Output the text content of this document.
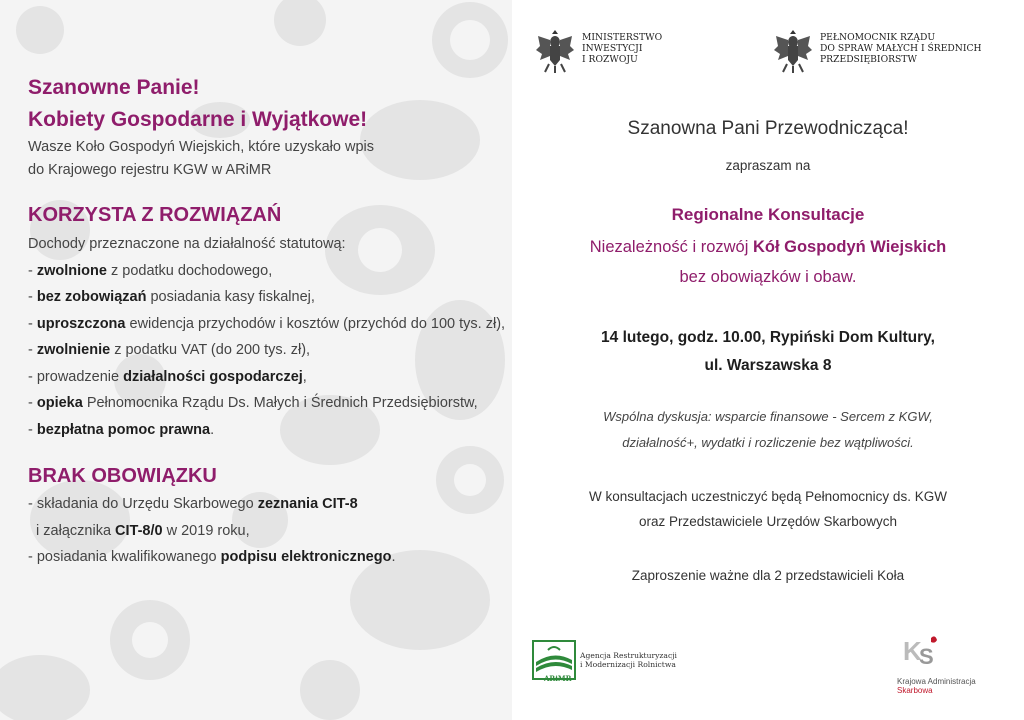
Szanowne Panie!
Kobiety Gospodarne i Wyjątkowe!
Wasze Koło Gospodyń Wiejskich, które uzyskało wpis
do Krajowego rejestru KGW w ARiMR
KORZYSTA Z ROZWIĄZAŃ
Dochody przeznaczone na działalność statutową:
- zwolnione z podatku dochodowego,
- bez zobowiązań posiadania kasy fiskalnej,
- uproszczona ewidencja przychodów i kosztów (przychód do 100 tys. zł),
- zwolnienie z podatku VAT (do 200 tys. zł),
- prowadzenie działalności gospodarczej,
- opieka Pełnomocnika Rządu Ds. Małych i Średnich Przedsiębiorstw,
- bezpłatna pomoc prawna.
BRAK OBOWIĄZKU
- składania do Urzędu Skarbowego zeznania CIT-8
i załącznika CIT-8/0 w 2019 roku,
- posiadania kwalifikowanego podpisu elektronicznego.
MINISTERSTWO
INWESTYCJI
I ROZWOJU
PEŁNOMOCNIK RZĄDU
DO SPRAW MAŁYCH I ŚREDNICH
PRZEDSIĘBIORSTW
Szanowna Pani Przewodnicząca!
zapraszam na
Regionalne Konsultacje
Niezależność i rozwój Kół Gospodyń Wiejskich
bez obowiązków i obaw.
14 lutego, godz. 10.00, Rypiński Dom Kultury,
ul. Warszawska 8
Wspólna dyskusja: wsparcie finansowe - Sercem z KGW,
działalność+, wydatki i rozliczenie bez wątpliwości.
W konsultacjach uczestniczyć będą Pełnomocnicy ds. KGW
oraz Przedstawiciele Urzędów Skarbowych
Zaproszenie ważne dla 2 przedstawicieli Koła
Agencja Restrukturyzacji
i Modernizacji Rolnictwa
ARiMR
K
S
Krajowa Administracja
Skarbowa
